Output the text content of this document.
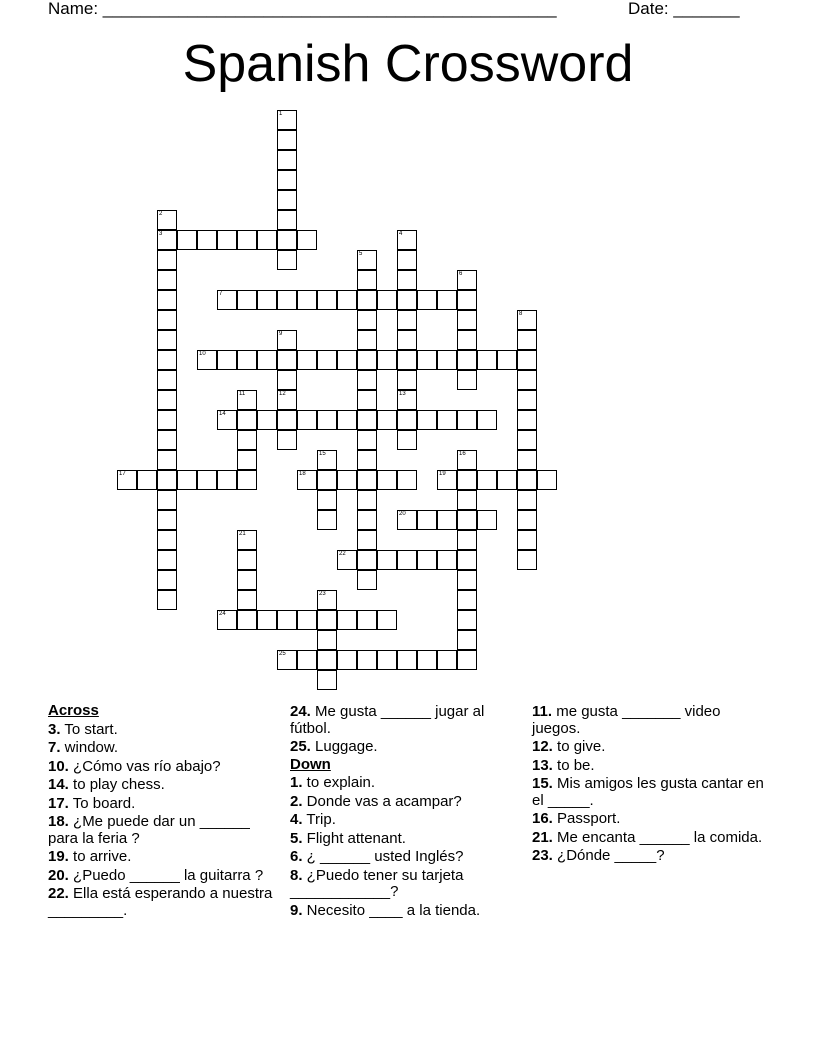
Name: ________________________________________________	Date: _______
Spanish Crossword
1
2
3	4
13
5
6
7
8
9
10
11	12
14
15	16
17	18	19
20
21
22
23
24
25
Across
3. To start.
7. window.
10. ¿Cómo vas río abajo?
14. to play chess.
17. To board.
18. ¿Me puede dar un ______ para la feria ?
19. to arrive.
20. ¿Puedo ______ la guitarra ?
22. Ella está esperando a nuestra _________.
24. Me gusta ______ jugar al fútbol.
25. Luggage.
Down
1. to explain.
2. Donde vas a acampar?
4. Trip.
5. Flight attenant.
6. ¿ ______ usted Inglés?
8. ¿Puedo tener su tarjeta ____________?
9. Necesito ____ a la tienda.
11. me gusta _______ video juegos.
12. to give.
13. to be.
15. Mis amigos les gusta cantar en el _____.
16. Passport.
21. Me encanta ______ la comida.
23. ¿Dónde _____?
